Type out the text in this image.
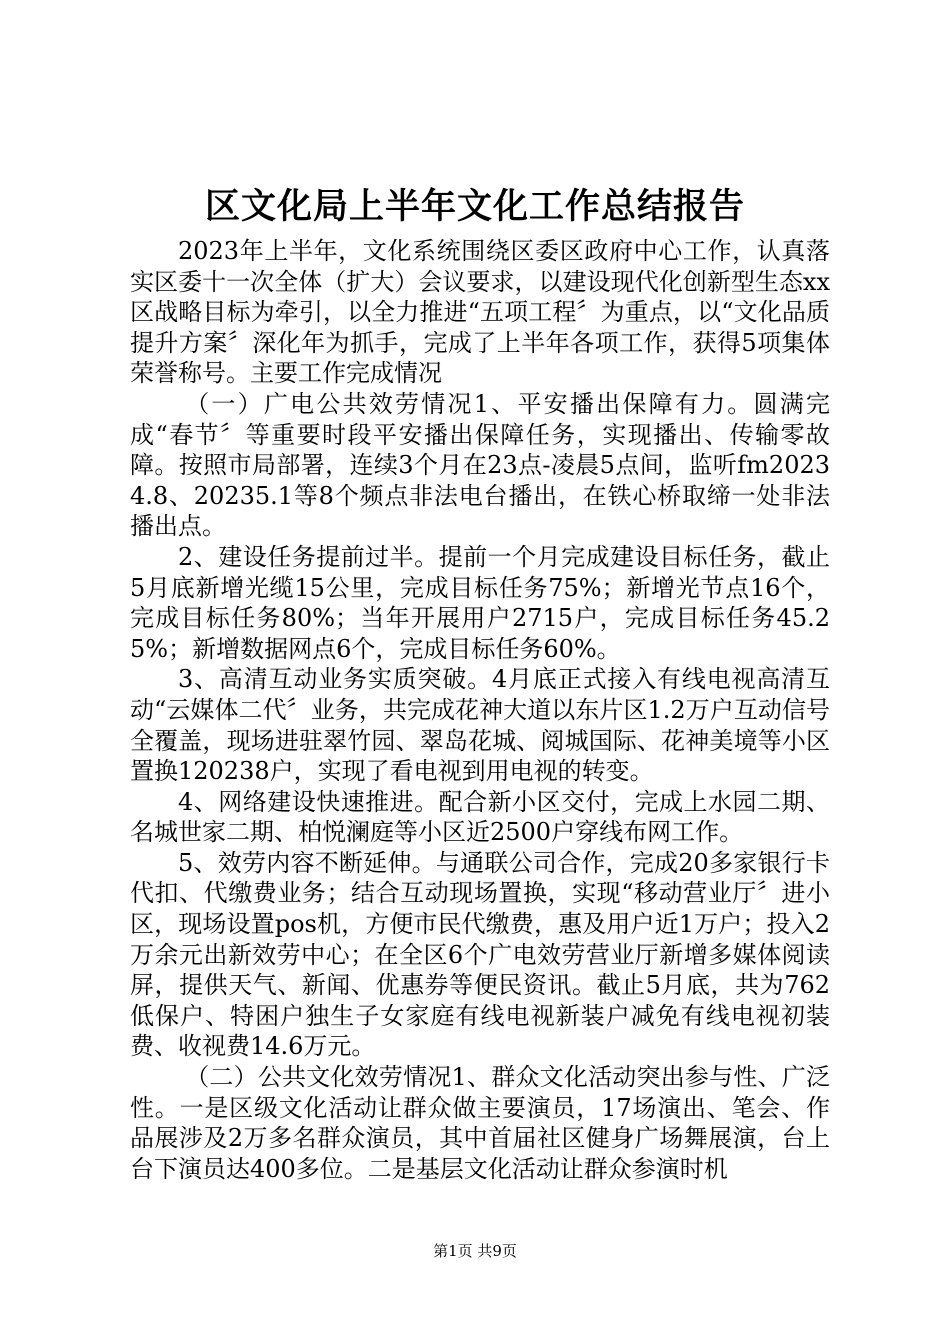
区文化局上半年文化工作总结报告

2023年上半年，文化系统围绕区委区政府中心工作，认真落实区委十一次全体（扩大）会议要求，以建设现代化创新型生态xx区战略目标为牵引，以全力推进“五项工程〞为重点，以“文化品质提升方案〞深化年为抓手，完成了上半年各项工作，获得5项集体荣誉称号。主要工作完成情况

（一）广电公共效劳情况1、平安播出保障有力。圆满完成“春节〞等重要时段平安播出保障任务，实现播出、传输零故障。按照市局部署，连续3个月在23点-凌晨5点间，监听fm20234.8、20235.1等8个频点非法电台播出，在铁心桥取缔一处非法播出点。

2、建设任务提前过半。提前一个月完成建设目标任务，截止5月底新增光缆15公里，完成目标任务75%；新增光节点16个，完成目标任务80%；当年开展用户2715户，完成目标任务45.25%；新增数据网点6个，完成目标任务60%。

3、高清互动业务实质突破。4月底正式接入有线电视高清互动“云媒体二代〞业务，共完成花神大道以东片区1.2万户互动信号全覆盖，现场进驻翠竹园、翠岛花城、阅城国际、花神美境等小区置换120238户，实现了看电视到用电视的转变。

4、网络建设快速推进。配合新小区交付，完成上水园二期、名城世家二期、柏悦澜庭等小区近2500户穿线布网工作。

5、效劳内容不断延伸。与通联公司合作，完成20多家银行卡代扣、代缴费业务；结合互动现场置换，实现“移动营业厅〞进小区，现场设置pos机，方便市民代缴费，惠及用户近1万户；投入2万余元出新效劳中心；在全区6个广电效劳营业厅新增多媒体阅读屏，提供天气、新闻、优惠券等便民资讯。截止5月底，共为762低保户、特困户独生子女家庭有线电视新装户减免有线电视初装费、收视费14.6万元。

（二）公共文化效劳情况1、群众文化活动突出参与性、广泛性。一是区级文化活动让群众做主要演员，17场演出、笔会、作品展涉及2万多名群众演员，其中首届社区健身广场舞展演，台上台下演员达400多位。二是基层文化活动让群众参演时机

第1页 共9页
